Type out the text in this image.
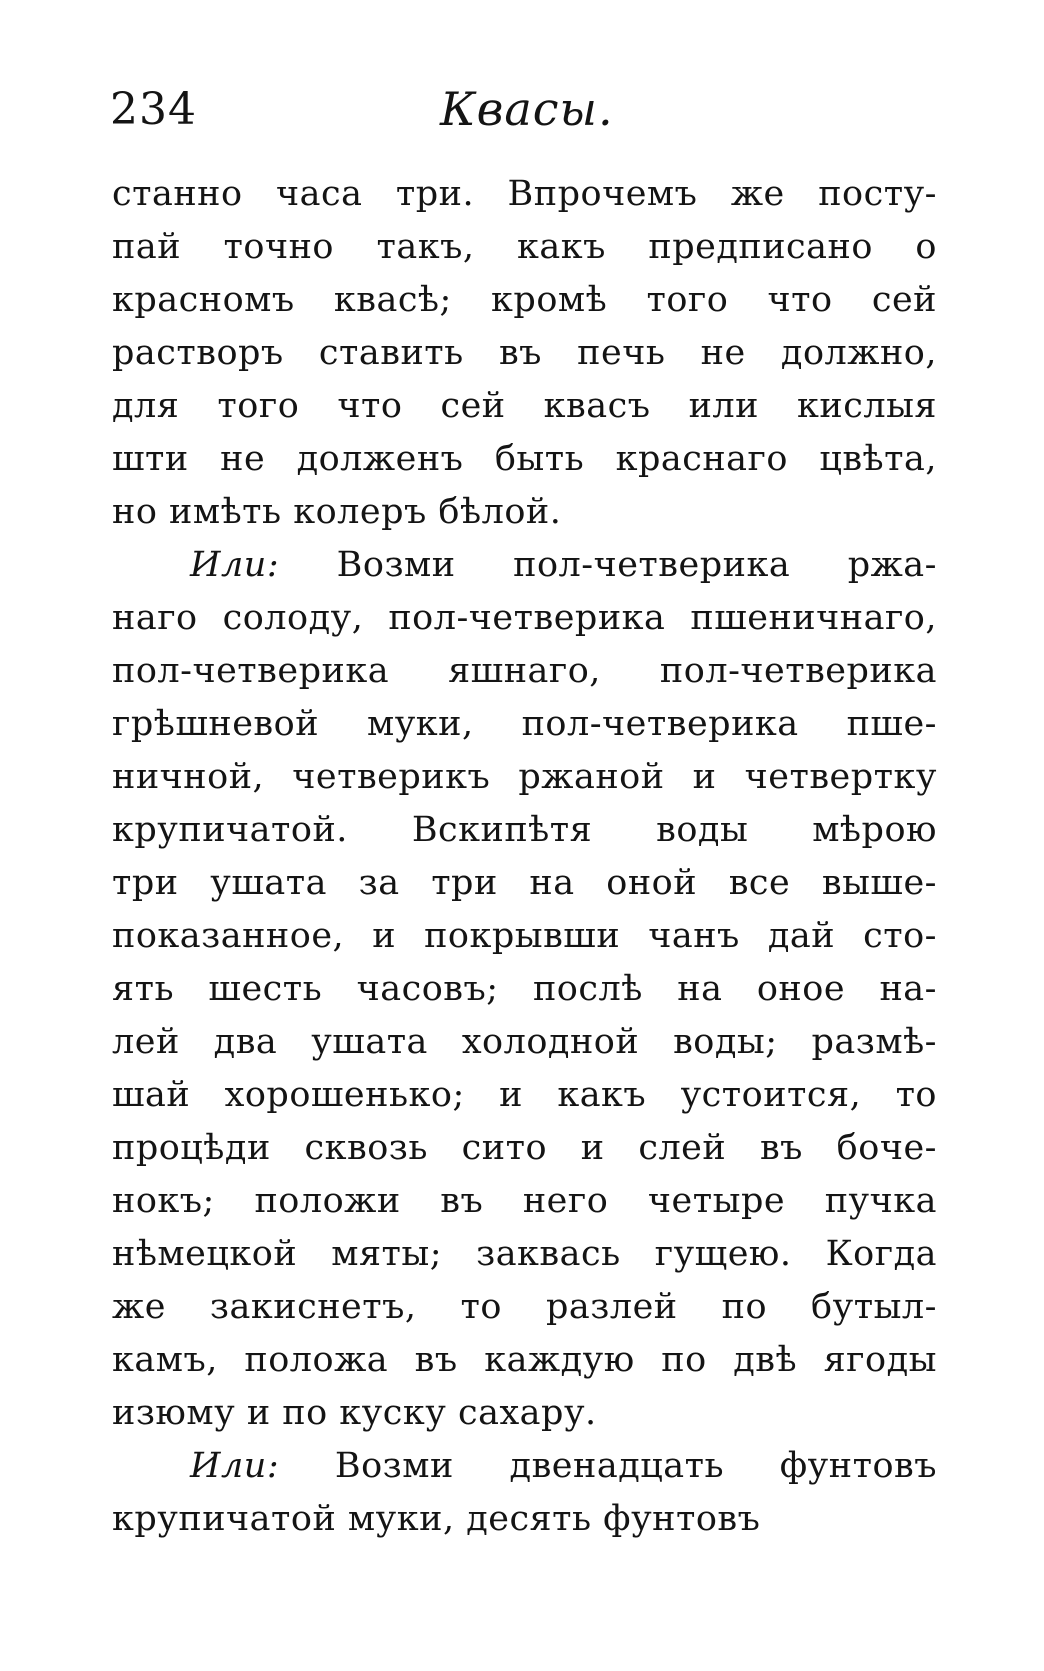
234	Квасы.
станно часа три. Впрочемъ же посту-
пай точно такъ, какъ предписано о
красномъ квасѣ; кромѣ того что сей
растворъ ставить въ печь не должно,
для того что сей квасъ или кислыя
шти не долженъ быть краснаго цвѣта,
но имѣть колеръ бѣлой.
Или: Возми пол-четверика ржа-
наго солоду, пол-четверика пшеничнаго,
пол-четверика яшнаго, пол-четверика
грѣшневой муки, пол-четверика пше-
ничной, четверикъ ржаной и четвертку
крупичатой. Вскипѣтя воды мѣрою
три ушата за три на оной все выше-
показанное, и покрывши чанъ дай сто-
ять шесть часовъ; послѣ на оное на-
лей два ушата холодной воды; размѣ-
шай хорошенько; и какъ устоится, то
процѣди сквозь сито и слей въ боче-
нокъ; положи въ него четыре пучка
нѣмецкой мяты; заквась гущею. Когда
же закиснетъ, то разлей по бутыл-
камъ, положа въ каждую по двѣ ягоды
изюму и по куску сахару.
Или: Возми двенадцать фунтовъ
крупичатой муки, десять фунтовъ
